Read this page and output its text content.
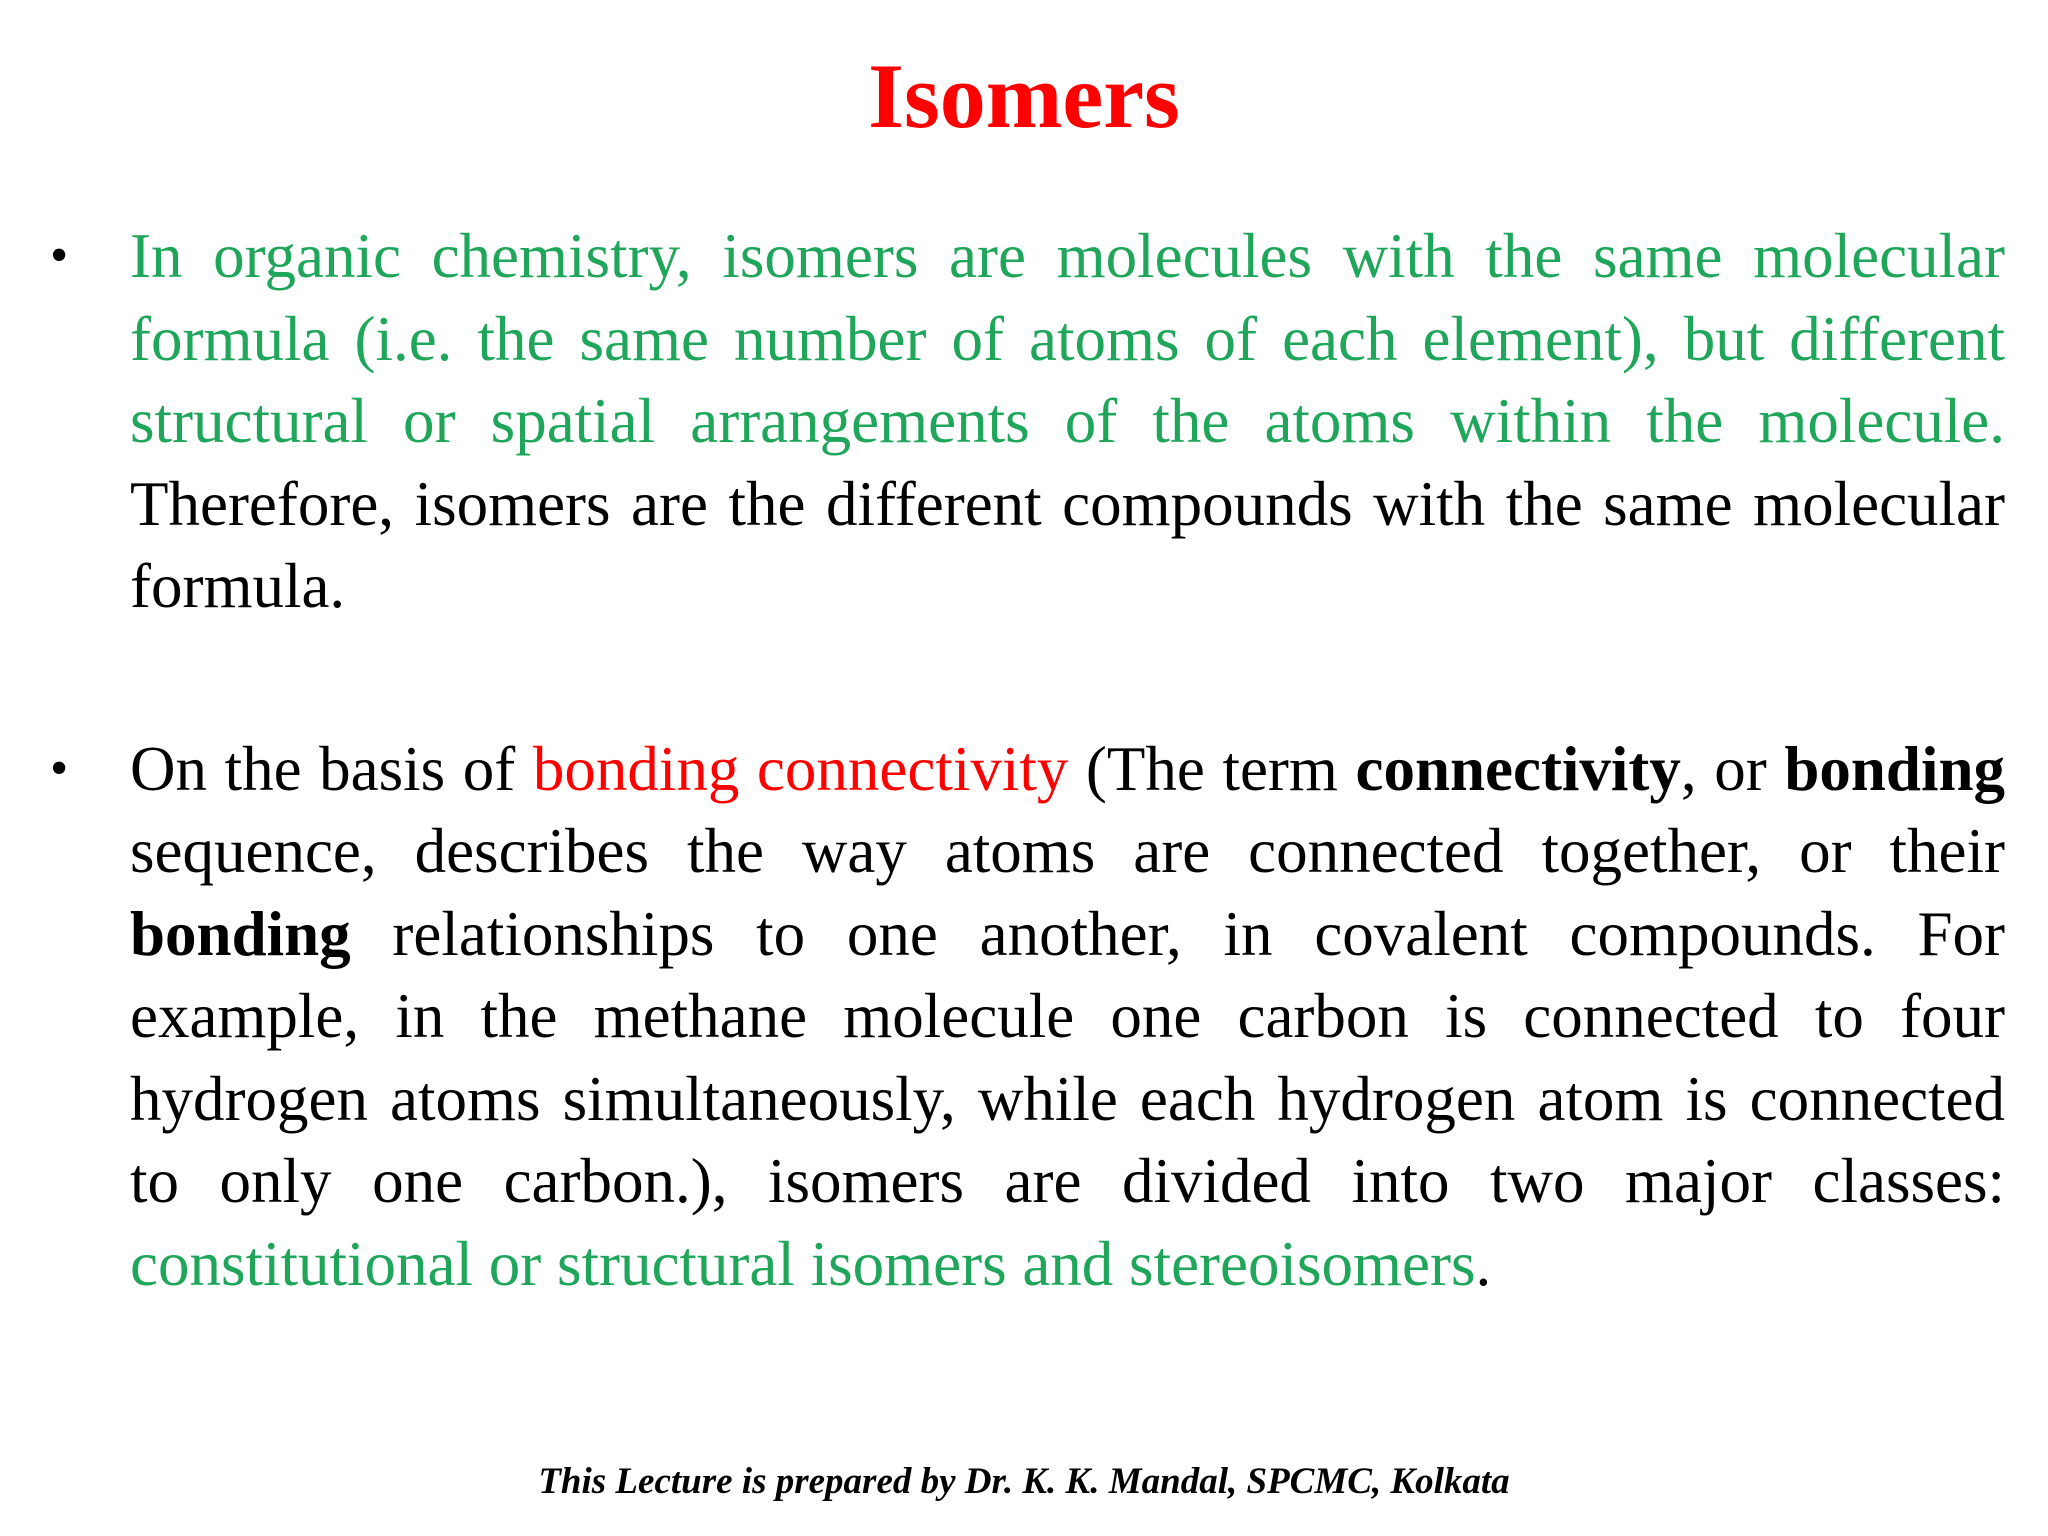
Isomers
• In organic chemistry, isomers are molecules with the same molecular formula (i.e. the same number of atoms of each element), but different structural or spatial arrangements of the atoms within the molecule. Therefore, isomers are the different compounds with the same molecular formula.
• On the basis of bonding connectivity (The term connectivity, or bonding sequence, describes the way atoms are connected together, or their bonding relationships to one another, in covalent compounds. For example, in the methane molecule one carbon is connected to four hydrogen atoms simultaneously, while each hydrogen atom is connected to only one carbon.), isomers are divided into two major classes: constitutional or structural isomers and stereoisomers.
This Lecture is prepared by Dr. K. K. Mandal, SPCMC, Kolkata
